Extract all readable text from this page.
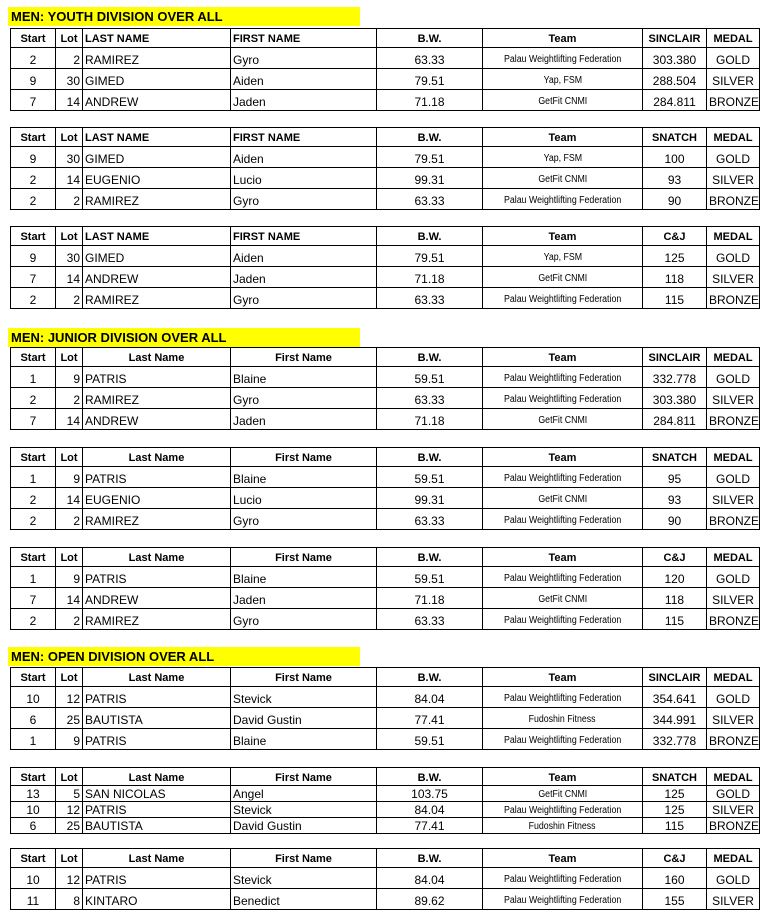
MEN: YOUTH DIVISION OVER ALL
MEN: JUNIOR DIVISION OVER ALL
MEN: OPEN DIVISION OVER ALL
Start	Lot	LAST NAME	FIRST NAME	B.W.	Team	SINCLAIR	MEDAL
2	2	RAMIREZ	Gyro	63.33	Palau Weightlifting Federation	303.380	GOLD
9	30	GIMED	Aiden	79.51	Yap, FSM	288.504	SILVER
7	14	ANDREW	Jaden	71.18	GetFit CNMI	284.811	BRONZE
Start	Lot	LAST NAME	FIRST NAME	B.W.	Team	SNATCH	MEDAL
9	30	GIMED	Aiden	79.51	Yap, FSM	100	GOLD
2	14	EUGENIO	Lucio	99.31	GetFit CNMI	93	SILVER
2	2	RAMIREZ	Gyro	63.33	Palau Weightlifting Federation	90	BRONZE
Start	Lot	LAST NAME	FIRST NAME	B.W.	Team	C&J	MEDAL
9	30	GIMED	Aiden	79.51	Yap, FSM	125	GOLD
7	14	ANDREW	Jaden	71.18	GetFit CNMI	118	SILVER
2	2	RAMIREZ	Gyro	63.33	Palau Weightlifting Federation	115	BRONZE
Start	Lot	Last Name	First Name	B.W.	Team	SINCLAIR	MEDAL
1	9	PATRIS	Blaine	59.51	Palau Weightlifting Federation	332.778	GOLD
2	2	RAMIREZ	Gyro	63.33	Palau Weightlifting Federation	303.380	SILVER
7	14	ANDREW	Jaden	71.18	GetFit CNMI	284.811	BRONZE
Start	Lot	Last Name	First Name	B.W.	Team	SNATCH	MEDAL
1	9	PATRIS	Blaine	59.51	Palau Weightlifting Federation	95	GOLD
2	14	EUGENIO	Lucio	99.31	GetFit CNMI	93	SILVER
2	2	RAMIREZ	Gyro	63.33	Palau Weightlifting Federation	90	BRONZE
Start	Lot	Last Name	First Name	B.W.	Team	C&J	MEDAL
1	9	PATRIS	Blaine	59.51	Palau Weightlifting Federation	120	GOLD
7	14	ANDREW	Jaden	71.18	GetFit CNMI	118	SILVER
2	2	RAMIREZ	Gyro	63.33	Palau Weightlifting Federation	115	BRONZE
Start	Lot	Last Name	First Name	B.W.	Team	SINCLAIR	MEDAL
10	12	PATRIS	Stevick	84.04	Palau Weightlifting Federation	354.641	GOLD
6	25	BAUTISTA	David Gustin	77.41	Fudoshin Fitness	344.991	SILVER
1	9	PATRIS	Blaine	59.51	Palau Weightlifting Federation	332.778	BRONZE
Start	Lot	Last Name	First Name	B.W.	Team	SNATCH	MEDAL
13	5	SAN NICOLAS	Angel	103.75	GetFit CNMI	125	GOLD
10	12	PATRIS	Stevick	84.04	Palau Weightlifting Federation	125	SILVER
6	25	BAUTISTA	David Gustin	77.41	Fudoshin Fitness	115	BRONZE
Start	Lot	Last Name	First Name	B.W.	Team	C&J	MEDAL
10	12	PATRIS	Stevick	84.04	Palau Weightlifting Federation	160	GOLD
11	8	KINTARO	Benedict	89.62	Palau Weightlifting Federation	155	SILVER
